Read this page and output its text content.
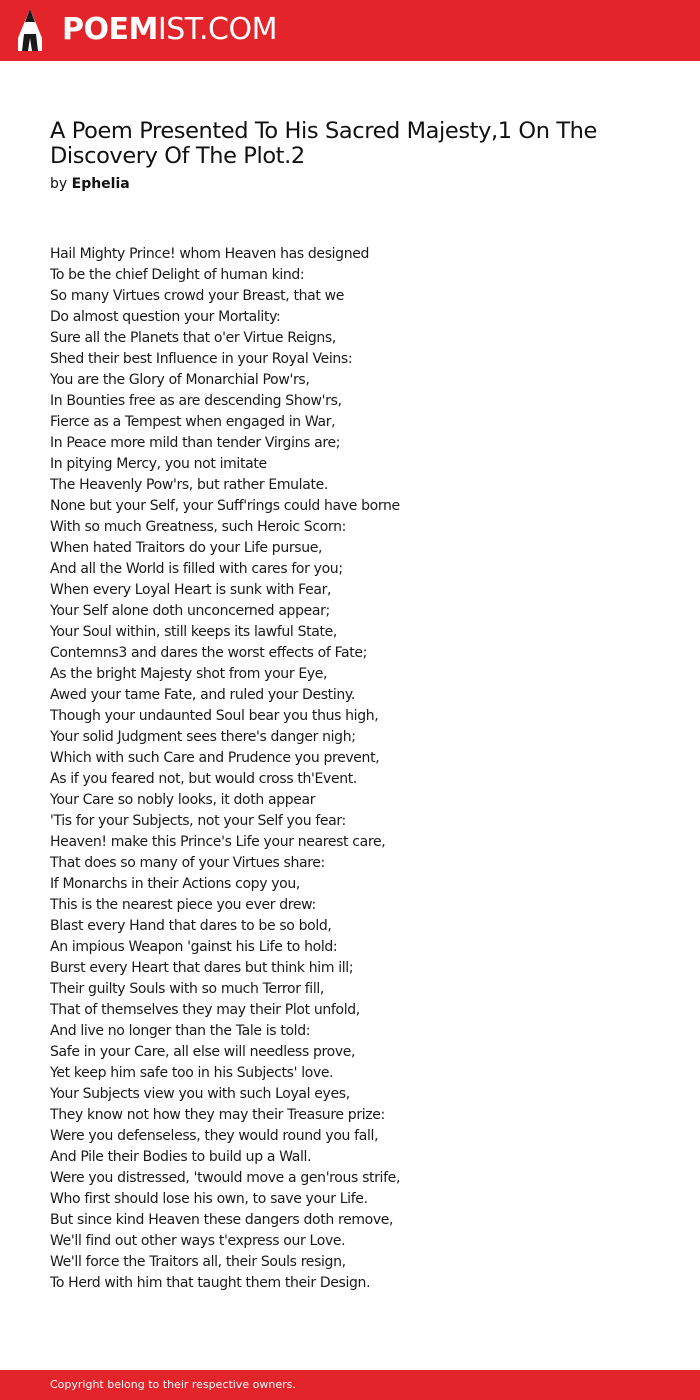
POEMIST.COM
A Poem Presented To His Sacred Majesty,1 On The Discovery Of The Plot.2
by Ephelia
Hail Mighty Prince! whom Heaven has designed
To be the chief Delight of human kind:
So many Virtues crowd your Breast, that we
Do almost question your Mortality:
Sure all the Planets that o'er Virtue Reigns,
Shed their best Influence in your Royal Veins:
You are the Glory of Monarchial Pow'rs,
In Bounties free as are descending Show'rs,
Fierce as a Tempest when engaged in War,
In Peace more mild than tender Virgins are;
In pitying Mercy, you not imitate
The Heavenly Pow'rs, but rather Emulate.
None but your Self, your Suff'rings could have borne
With so much Greatness, such Heroic Scorn:
When hated Traitors do your Life pursue,
And all the World is filled with cares for you;
When every Loyal Heart is sunk with Fear,
Your Self alone doth unconcerned appear;
Your Soul within, still keeps its lawful State,
Contemns3 and dares the worst effects of Fate;
As the bright Majesty shot from your Eye,
Awed your tame Fate, and ruled your Destiny.
Though your undaunted Soul bear you thus high,
Your solid Judgment sees there's danger nigh;
Which with such Care and Prudence you prevent,
As if you feared not, but would cross th'Event.
Your Care so nobly looks, it doth appear
'Tis for your Subjects, not your Self you fear:
Heaven! make this Prince's Life your nearest care,
That does so many of your Virtues share:
If Monarchs in their Actions copy you,
This is the nearest piece you ever drew:
Blast every Hand that dares to be so bold,
An impious Weapon 'gainst his Life to hold:
Burst every Heart that dares but think him ill;
Their guilty Souls with so much Terror fill,
That of themselves they may their Plot unfold,
And live no longer than the Tale is told:
Safe in your Care, all else will needless prove,
Yet keep him safe too in his Subjects' love.
Your Subjects view you with such Loyal eyes,
They know not how they may their Treasure prize:
Were you defenseless, they would round you fall,
And Pile their Bodies to build up a Wall.
Were you distressed, 'twould move a gen'rous strife,
Who first should lose his own, to save your Life.
But since kind Heaven these dangers doth remove,
We'll find out other ways t'express our Love.
We'll force the Traitors all, their Souls resign,
To Herd with him that taught them their Design.
Copyright belong to their respective owners.
